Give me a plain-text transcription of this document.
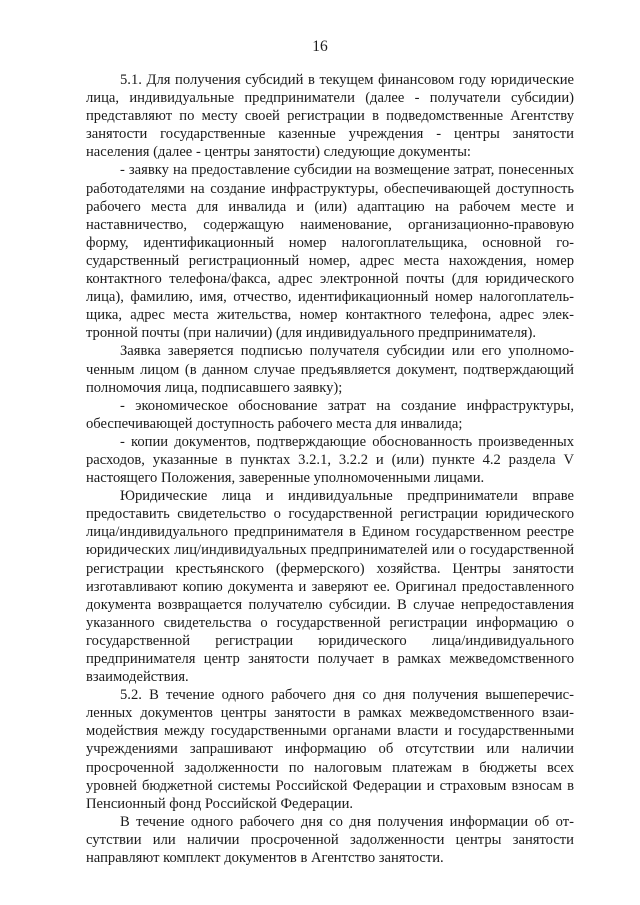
16

5.1. Для получения субсидий в текущем финансовом году юридические лица, индивидуальные предприниматели (далее - получатели субсидии) представляют по месту своей регистрации в подведомственные Агентству занятости государственные казенные учреждения - центры занятости населения (далее - центры занятости) следующие документы:

- заявку на предоставление субсидии на возмещение затрат, понесенных работодателями на создание инфраструктуры, обеспечивающей доступность рабочего места для инвалида и (или) адаптацию на рабочем месте и наставничество, содержащую наименование, организационно-правовую форму, идентификационный номер налогоплательщика, основной государственный регистрационный номер, адрес места нахождения, номер контактного телефона/факса, адрес электронной почты (для юридического лица), фамилию, имя, отчество, идентификационный номер налогоплательщика, адрес места жительства, номер контактного телефона, адрес электронной почты (при наличии) (для индивидуального предпринимателя).

Заявка заверяется подписью получателя субсидии или его уполномоченным лицом (в данном случае предъявляется документ, подтверждающий полномочия лица, подписавшего заявку);

- экономическое обоснование затрат на создание инфраструктуры, обеспечивающей доступность рабочего места для инвалида;

- копии документов, подтверждающие обоснованность произведенных расходов, указанные в пунктах 3.2.1, 3.2.2 и (или) пункте 4.2 раздела V настоящего Положения, заверенные уполномоченными лицами.

Юридические лица и индивидуальные предприниматели вправе предоставить свидетельство о государственной регистрации юридического лица/индивидуального предпринимателя в Едином государственном реестре юридических лиц/индивидуальных предпринимателей или о государственной регистрации крестьянского (фермерского) хозяйства. Центры занятости изготавливают копию документа и заверяют ее. Оригинал предоставленного документа возвращается получателю субсидии. В случае непредоставления указанного свидетельства о государственной регистрации информацию о государственной регистрации юридического лица/индивидуального предпринимателя центр занятости получает в рамках межведомственного взаимодействия.

5.2. В течение одного рабочего дня со дня получения вышеперечисленных документов центры занятости в рамках межведомственного взаимодействия между государственными органами власти и государственными учреждениями запрашивают информацию об отсутствии или наличии просроченной задолженности по налоговым платежам в бюджеты всех уровней бюджетной системы Российской Федерации и страховым взносам в Пенсионный фонд Российской Федерации.

В течение одного рабочего дня со дня получения информации об отсутствии или наличии просроченной задолженности центры занятости направляют комплект документов в Агентство занятости.
